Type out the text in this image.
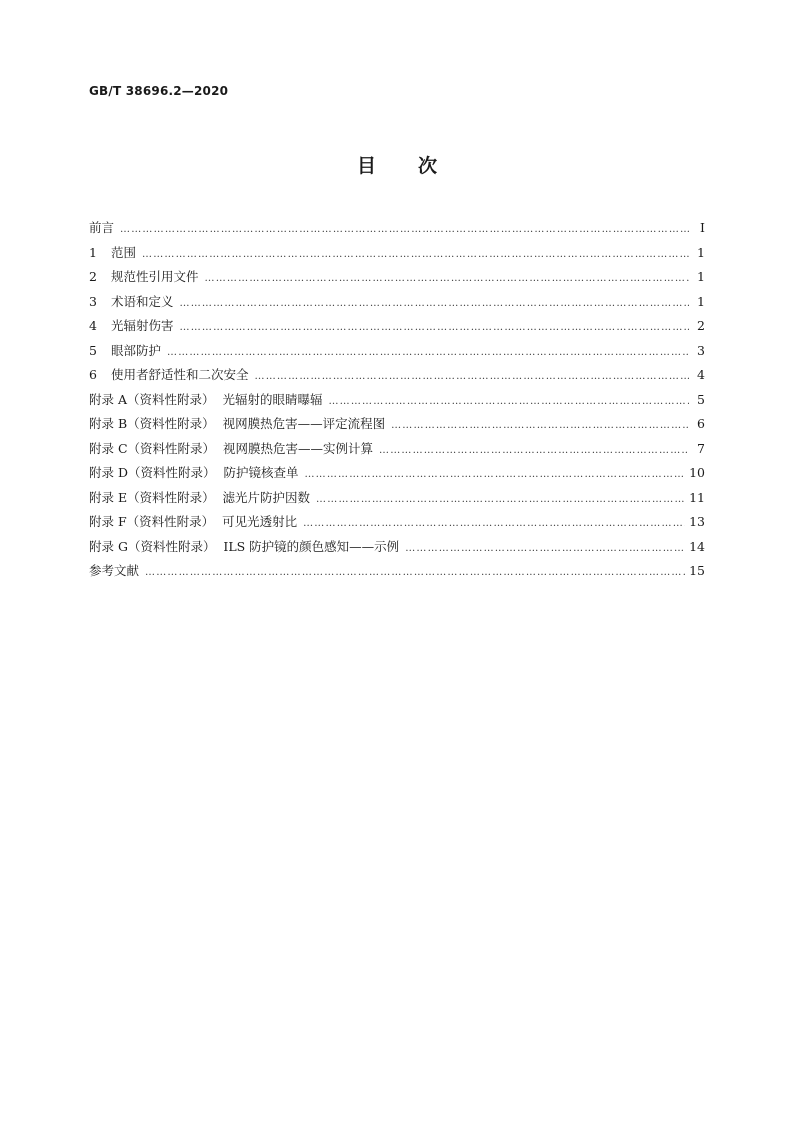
GB/T 38696.2—2020
目次
前言 …………………………………………………………………………………………………………………………………………………………………………………………………………………………………………	I
1 范围 …………………………………………………………………………………………………………………………………………………………………………………………………………………………………………	1
2 规范性引用文件 …………………………………………………………………………………………………………………………………………………………………………………………………………………………………………	1
3 术语和定义 …………………………………………………………………………………………………………………………………………………………………………………………………………………………………………	1
4 光辐射伤害 …………………………………………………………………………………………………………………………………………………………………………………………………………………………………………	2
5 眼部防护 …………………………………………………………………………………………………………………………………………………………………………………………………………………………………………	3
6 使用者舒适性和二次安全 …………………………………………………………………………………………………………………………………………………………………………………………………………………………………………	4
附录 A（资料性附录）  光辐射的眼睛曝辐 …………………………………………………………………………………………………………………………………………………………………………………………………………………………………………	5
附录 B（资料性附录）  视网膜热危害——评定流程图 …………………………………………………………………………………………………………………………………………………………………………………………………………………………………………	6
附录 C（资料性附录）  视网膜热危害——实例计算 …………………………………………………………………………………………………………………………………………………………………………………………………………………………………………	7
附录 D（资料性附录）  防护镜核查单 …………………………………………………………………………………………………………………………………………………………………………………………………………………………………………	10
附录 E（资料性附录）  滤光片防护因数 …………………………………………………………………………………………………………………………………………………………………………………………………………………………………………	11
附录 F（资料性附录）  可见光透射比 …………………………………………………………………………………………………………………………………………………………………………………………………………………………………………	13
附录 G（资料性附录）  ILS 防护镜的颜色感知——示例 …………………………………………………………………………………………………………………………………………………………………………………………………………………………………………	14
参考文献 …………………………………………………………………………………………………………………………………………………………………………………………………………………………………………	15
